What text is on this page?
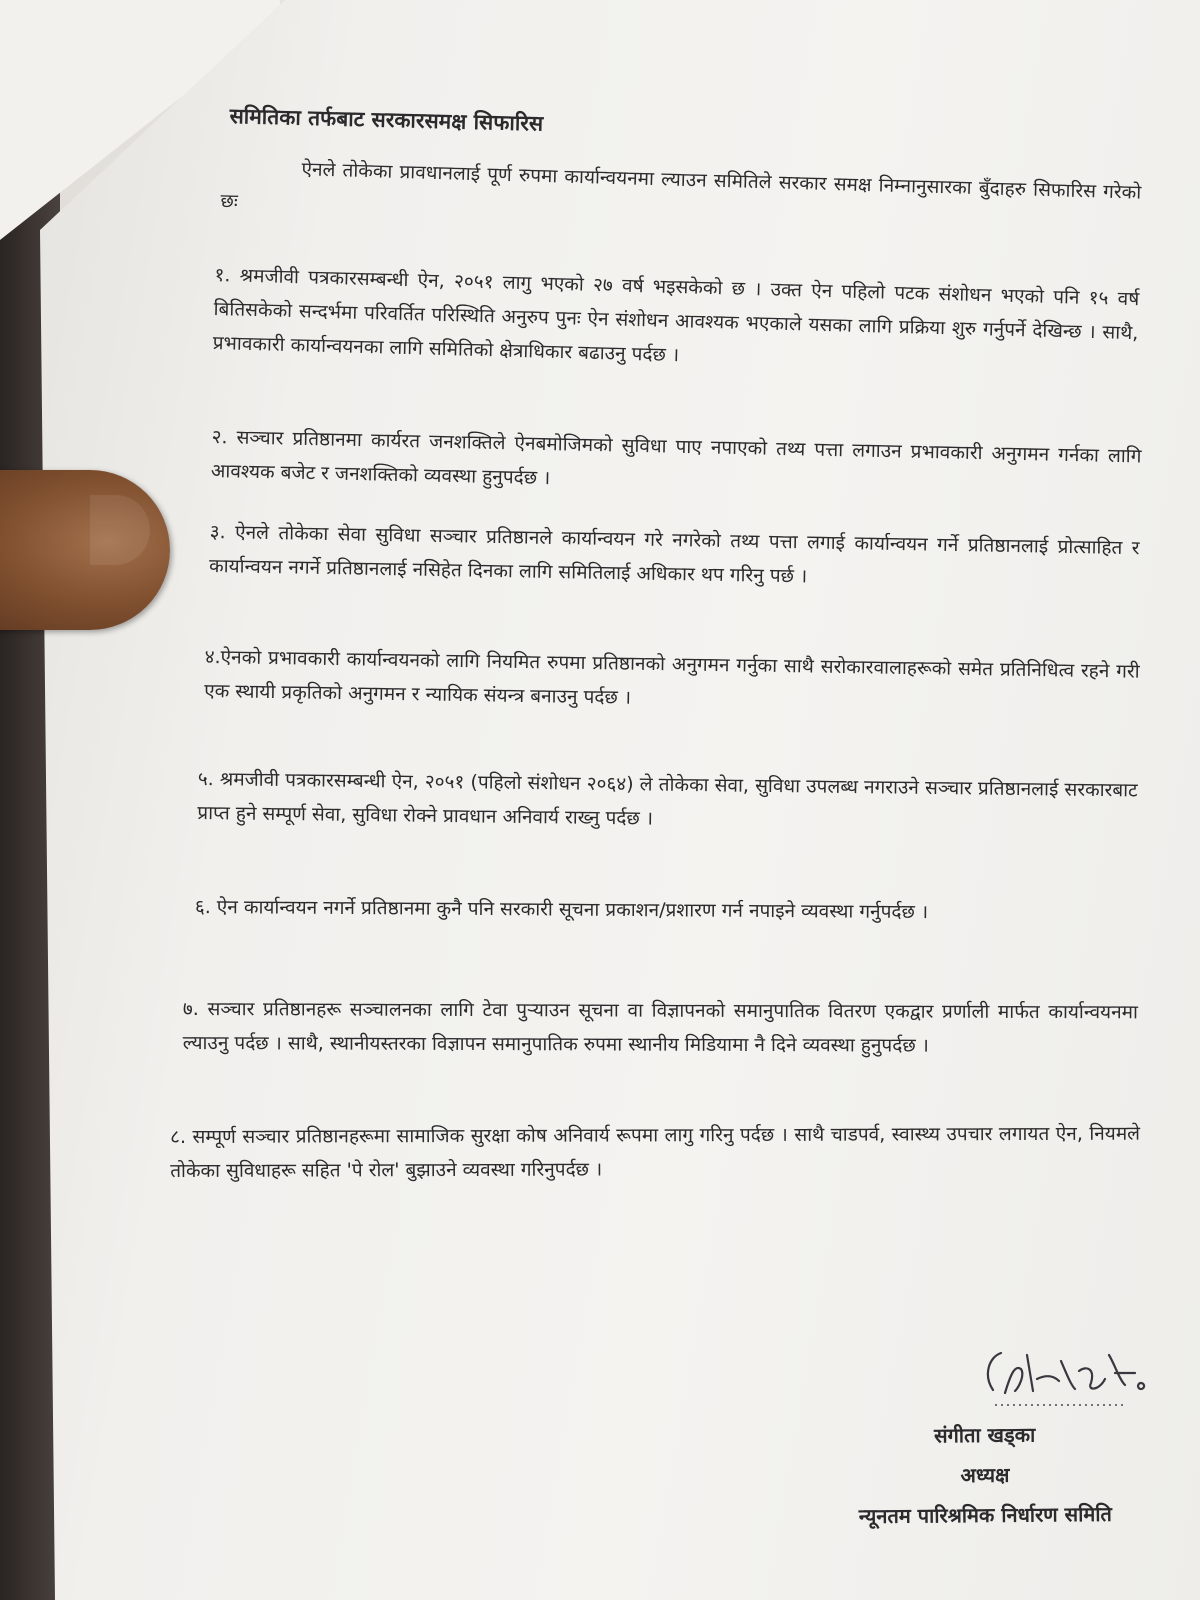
समितिका तर्फबाट सरकारसमक्ष सिफारिस
ऐनले तोकेका प्रावधानलाई पूर्ण रुपमा कार्यान्वयनमा ल्याउन समितिले सरकार समक्ष निम्नानुसारका बुँदाहरु सिफारिस गरेको छः
१. श्रमजीवी पत्रकारसम्बन्धी ऐन, २०५१ लागु भएको २७ वर्ष भइसकेको छ । उक्त ऐन पहिलो पटक संशोधन भएको पनि १५ वर्ष बितिसकेको सन्दर्भमा परिवर्तित परिस्थिति अनुरुप पुनः ऐन संशोधन आवश्यक भएकाले यसका लागि प्रक्रिया शुरु गर्नुपर्ने देखिन्छ । साथै, प्रभावकारी कार्यान्वयनका लागि समितिको क्षेत्राधिकार बढाउनु पर्दछ ।
२. सञ्चार प्रतिष्ठानमा कार्यरत जनशक्तिले ऐनबमोजिमको सुविधा पाए नपाएको तथ्य पत्ता लगाउन प्रभावकारी अनुगमन गर्नका लागि आवश्यक बजेट र जनशक्तिको व्यवस्था हुनुपर्दछ ।
३. ऐनले तोकेका सेवा सुविधा सञ्चार प्रतिष्ठानले कार्यान्वयन गरे नगरेको तथ्य पत्ता लगाई कार्यान्वयन गर्ने प्रतिष्ठानलाई प्रोत्साहित र कार्यान्वयन नगर्ने प्रतिष्ठानलाई नसिहेत दिनका लागि समितिलाई अधिकार थप गरिनु पर्छ ।
४.ऐनको प्रभावकारी कार्यान्वयनको लागि नियमित रुपमा प्रतिष्ठानको अनुगमन गर्नुका साथै सरोकारवालाहरूको समेत प्रतिनिधित्व रहने गरी एक स्थायी प्रकृतिको अनुगमन र न्यायिक संयन्त्र बनाउनु पर्दछ ।
५. श्रमजीवी पत्रकारसम्बन्धी ऐन, २०५१ (पहिलो संशोधन २०६४) ले तोकेका सेवा, सुविधा उपलब्ध नगराउने सञ्चार प्रतिष्ठानलाई सरकारबाट प्राप्त हुने सम्पूर्ण सेवा, सुविधा रोक्ने प्रावधान अनिवार्य राख्नु पर्दछ ।
६. ऐन कार्यान्वयन नगर्ने प्रतिष्ठानमा कुनै पनि सरकारी सूचना प्रकाशन/प्रशारण गर्न नपाइने व्यवस्था गर्नुपर्दछ ।
७. सञ्चार प्रतिष्ठानहरू सञ्चालनका लागि टेवा पुऱ्याउन सूचना वा विज्ञापनको समानुपातिक वितरण एकद्वार प्रर्णाली मार्फत कार्यान्वयनमा ल्याउनु पर्दछ । साथै, स्थानीयस्तरका विज्ञापन समानुपातिक रुपमा स्थानीय मिडियामा नै दिने व्यवस्था हुनुपर्दछ ।
८. सम्पूर्ण सञ्चार प्रतिष्ठानहरूमा सामाजिक सुरक्षा कोष अनिवार्य रूपमा लागु गरिनु पर्दछ । साथै चाडपर्व, स्वास्थ्य उपचार लगायत ऐन, नियमले तोकेका सुविधाहरू सहित 'पे रोल' बुझाउने व्यवस्था गरिनुपर्दछ ।
संगीता खड्का
अध्यक्ष
न्यूनतम पारिश्रमिक निर्धारण समिति
